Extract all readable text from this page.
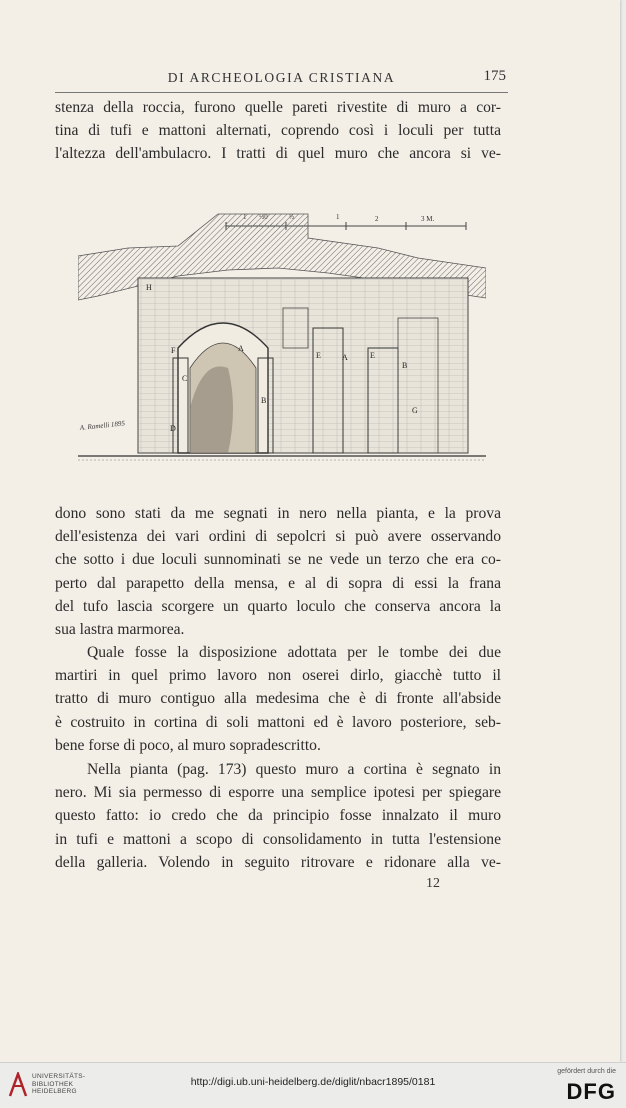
DI ARCHEOLOGIA CRISTIANA	175
stenza della roccia, furono quelle pareti rivestite di muro a cor-
tina di tufi e mattoni alternati, coprendo così i loculi per tutta
l'altezza dell'ambulacro. I tratti di quel muro che ancora si ve-
1	2	3 M.
H
F
C
A
B
D
E	A	E
B
G
A. Ramelli 1895
dono sono stati da me segnati in nero nella pianta, e la prova
dell'esistenza dei vari ordini di sepolcri si può avere osservando
che sotto i due loculi sunnominati se ne vede un terzo che era co-
perto dal parapetto della mensa, e al di sopra di essi la frana
del tufo lascia scorgere un quarto loculo che conserva ancora la
sua lastra marmorea.
Quale fosse la disposizione adottata per le tombe dei due
martiri in quel primo lavoro non oserei dirlo, giacchè tutto il
tratto di muro contiguo alla medesima che è di fronte all'abside
è costruito in cortina di soli mattoni ed è lavoro posteriore, seb-
bene forse di poco, al muro sopradescritto.
Nella pianta (pag. 173) questo muro a cortina è segnato in
nero. Mi sia permesso di esporre una semplice ipotesi per spiegare
questo fatto: io credo che da principio fosse innalzato il muro
in tufi e mattoni a scopo di consolidamento in tutta l'estensione
della galleria. Volendo in seguito ritrovare e ridonare alla ve-
12
UNIVERSITÄTS-
BIBLIOTHEK
HEIDELBERG
http://digi.ub.uni-heidelberg.de/diglit/nbacr1895/0181
gefördert durch die
DFG
